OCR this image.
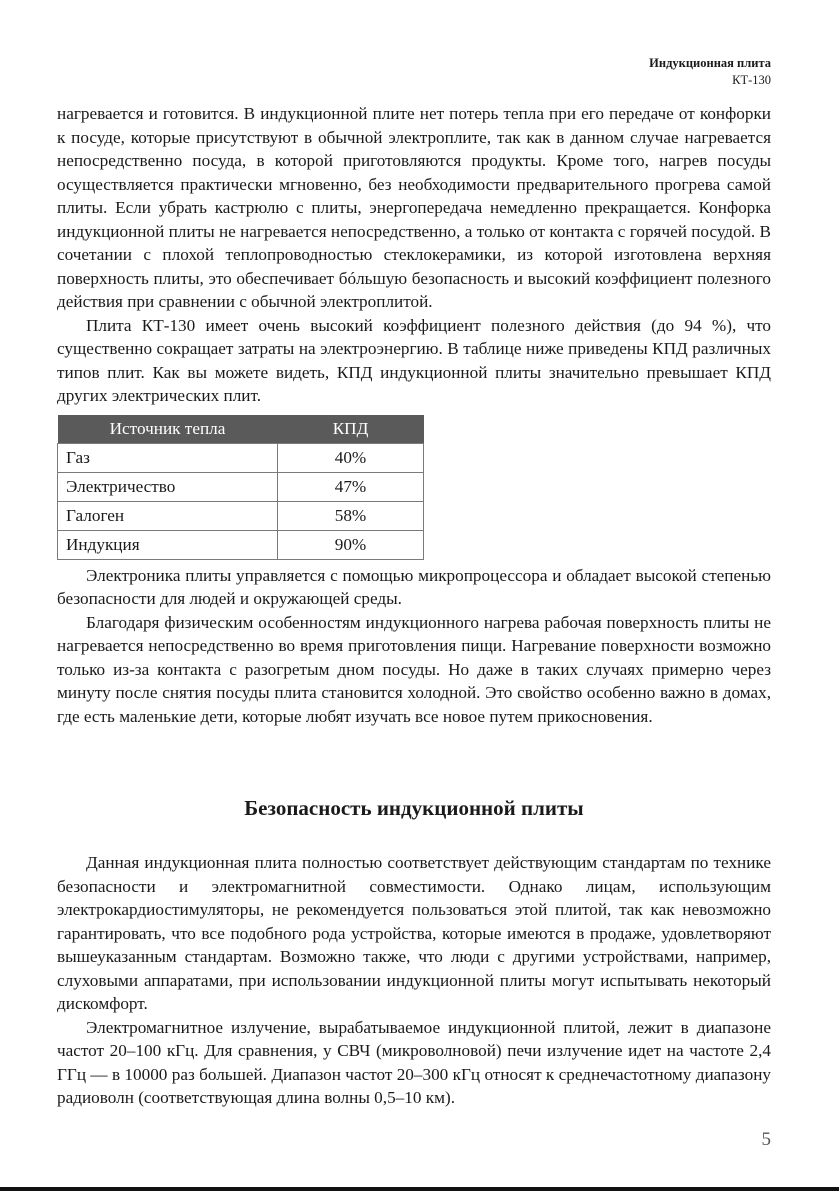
Индукционная плита
КТ-130

нагревается и готовится. В индукционной плите нет потерь тепла при его передаче от конфорки к посуде, которые присутствуют в обычной электроплите, так как в данном случае нагревается непосредственно посуда, в которой приготовляются продукты. Кроме того, нагрев посуды осуществляется практически мгновенно, без необходимости предварительного прогрева самой плиты. Если убрать кастрюлю с плиты, энергопередача немедленно прекращается. Конфорка индукционной плиты не нагревается непосредственно, а только от контакта с горячей посудой. В сочетании с плохой теплопроводностью стеклокерамики, из которой изготовлена верхняя поверхность плиты, это обеспечивает бóльшую безопасность и высокий коэффициент полезного действия при сравнении с обычной электроплитой.

Плита КТ-130 имеет очень высокий коэффициент полезного действия (до 94 %), что существенно сокращает затраты на электроэнергию. В таблице ниже приведены КПД различных типов плит. Как вы можете видеть, КПД индукционной плиты значительно превышает КПД других электрических плит.

Источник тепла	КПД
Газ	40%
Электричество	47%
Галоген	58%
Индукция	90%

Электроника плиты управляется с помощью микропроцессора и обладает высокой степенью безопасности для людей и окружающей среды.

Благодаря физическим особенностям индукционного нагрева рабочая поверхность плиты не нагревается непосредственно во время приготовления пищи. Нагревание поверхности возможно только из-за контакта с разогретым дном посуды. Но даже в таких случаях примерно через минуту после снятия посуды плита становится холодной. Это свойство особенно важно в домах, где есть маленькие дети, которые любят изучать все новое путем прикосновения.

Безопасность индукционной плиты

Данная индукционная плита полностью соответствует действующим стандартам по технике безопасности и электромагнитной совместимости. Однако лицам, использующим электрокардиостимуляторы, не рекомендуется пользоваться этой плитой, так как невозможно гарантировать, что все подобного рода устройства, которые имеются в продаже, удовлетворяют вышеуказанным стандартам. Возможно также, что люди с другими устройствами, например, слуховыми аппаратами, при использовании индукционной плиты могут испытывать некоторый дискомфорт.

Электромагнитное излучение, вырабатываемое индукционной плитой, лежит в диапазоне частот 20–100 кГц. Для сравнения, у СВЧ (микроволновой) печи излучение идет на частоте 2,4 ГГц — в 10000 раз большей. Диапазон частот 20–300 кГц относят к среднечастотному диапазону радиоволн (соответствующая длина волны 0,5–10 км).

5
